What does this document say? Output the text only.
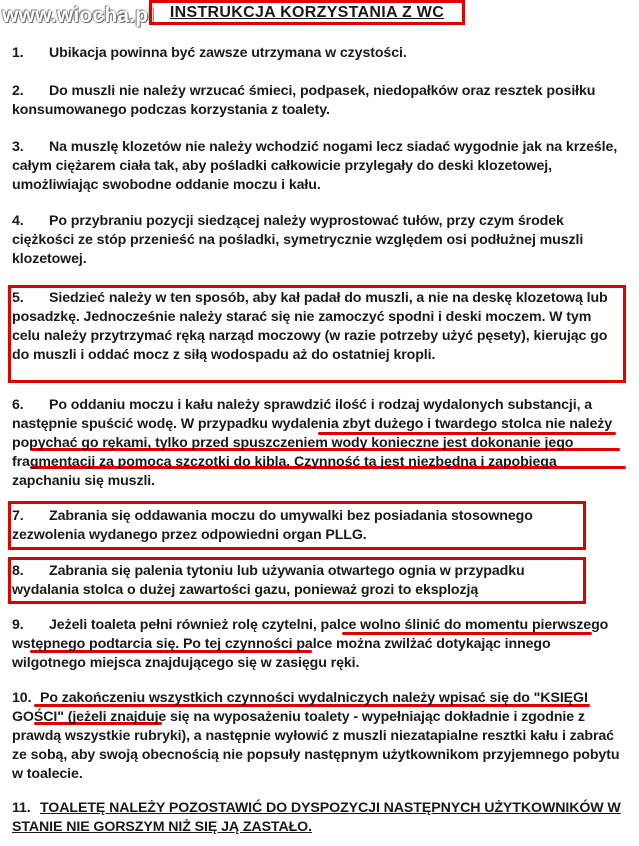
www.wiocha.pl INSTRUKCJA KORZYSTANIA Z WC
1. Ubikacja powinna być zawsze utrzymana w czystości.
2. Do muszli nie należy wrzucać śmieci, podpasek, niedopałków oraz resztek posiłku konsumowanego podczas korzystania z toalety.
3. Na muszlę klozetów nie należy wchodzić nogami lecz siadać wygodnie jak na krześle, całym ciężarem ciała tak, aby pośladki całkowicie przylegały do deski klozetowej, umożliwiając swobodne oddanie moczu i kału.
4. Po przybraniu pozycji siedzącej należy wyprostować tułów, przy czym środek ciężkości ze stóp przenieść na pośladki, symetrycznie względem osi podłużnej muszli klozetowej.
5. Siedzieć należy w ten sposób, aby kał padał do muszli, a nie na deskę klozetową lub posadzkę. Jednocześnie należy starać się nie zamoczyć spodni i deski moczem. W tym celu należy przytrzymać ręką narząd moczowy (w razie potrzeby użyć pęsety), kierując go do muszli i oddać mocz z siłą wodospadu aż do ostatniej kropli.
6. Po oddaniu moczu i kału należy sprawdzić ilość i rodzaj wydalonych substancji, a następnie spuścić wodę. W przypadku wydalenia zbyt dużego i twardego stolca nie należy popychać go rękami, tylko przed spuszczeniem wody konieczne jest dokonanie jego fragmentacji za pomocą szczotki do kibla. Czynność ta jest niezbędna i zapobiega zapchaniu się muszli.
7. Zabrania się oddawania moczu do umywalki bez posiadania stosownego zezwolenia wydanego przez odpowiedni organ PLLG.
8. Zabrania się palenia tytoniu lub używania otwartego ognia w przypadku wydalania stolca o dużej zawartości gazu, ponieważ grozi to eksplozją
9. Jeżeli toaleta pełni również rolę czytelni, palce wolno ślinić do momentu pierwszego wstępnego podtarcia się. Po tej czynności palce można zwilżać dotykając innego wilgotnego miejsca znajdującego się w zasięgu ręki.
10. Po zakończeniu wszystkich czynności wydalniczych należy wpisać się do "KSIĘGI GOŚCI" (jeżeli znajduje się na wyposażeniu toalety - wypełniając dokładnie i zgodnie z prawdą wszystkie rubryki), a następnie wyłowić z muszli niezatapialne resztki kału i zabrać ze sobą, aby swoją obecnością nie popsuły następnym użytkownikom przyjemnego pobytu w toalecie.
11. TOALETĘ NALEŻY POZOSTAWIĆ DO DYSPOZYCJI NASTĘPNYCH UŻYTKOWNIKÓW W STANIE NIE GORSZYM NIŻ SIĘ JĄ ZASTAŁO.
